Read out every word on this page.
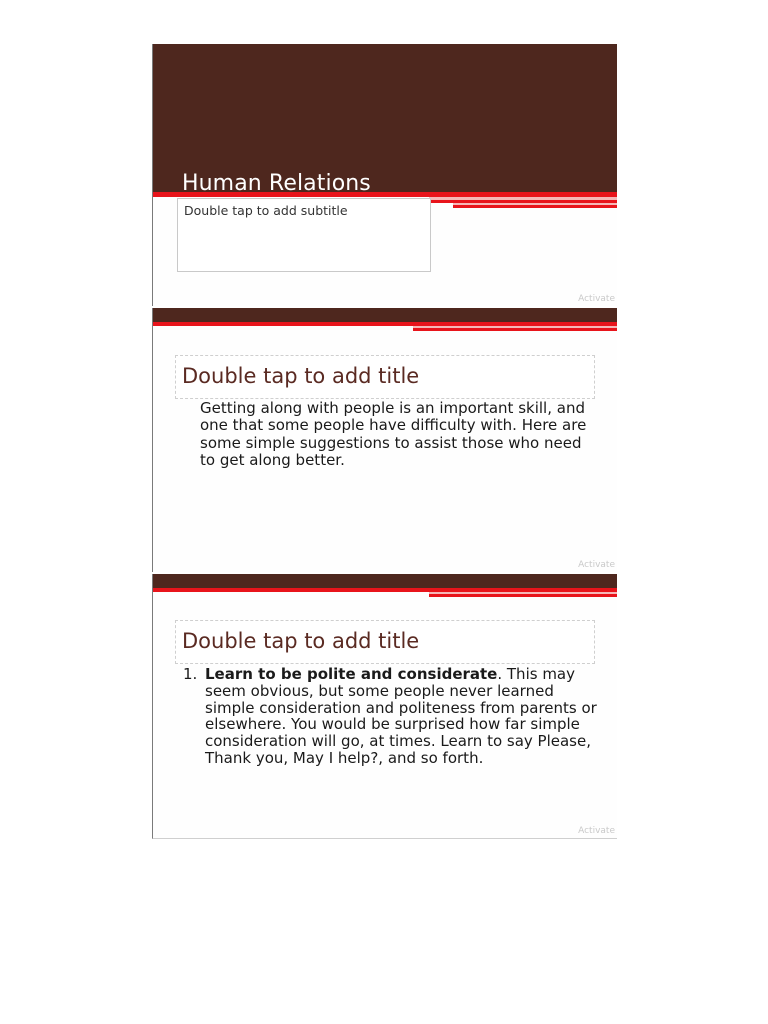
Human Relations
Double tap to add subtitle
Activate
Double tap to add title

Getting along with people is an important skill, and one that some people have difficulty with. Here are some simple suggestions to assist those who need to get along better.

Activate
Double tap to add title
1. Learn to be polite and considerate. This may seem obvious, but some people never learned simple consideration and politeness from parents or elsewhere. You would be surprised how far simple consideration will go, at times. Learn to say Please, Thank you, May I help?, and so forth.
Activate
